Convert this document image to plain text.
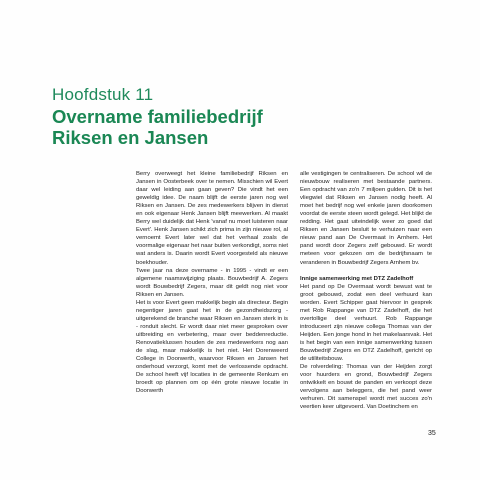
Hoofdstuk 11
Overname familiebedrijf
Riksen en Jansen

Berry overweegt het kleine familiebedrijf Riksen en Jansen in Oosterbeek over te nemen. Misschien wil Evert daar wel leiding aan gaan geven? Die vindt het een geweldig idee. De naam blijft de eerste jaren nog wel Riksen en Jansen. De zes medewerkers blijven in dienst en ook eigenaar Henk Jansen blijft meewerken. Al maakt Berry wel duidelijk dat Henk 'vanaf nu moet luisteren naar Evert'. Henk Jansen schikt zich prima in zijn nieuwe rol, al vernoemt Evert later wel dat het verhaal zoals de voormalige eigenaar het naar buiten verkondigt, soms niet wat anders is. Daarin wordt Evert voorgesteld als nieuwe boekhouder.

Twee jaar na deze overname - in 1995 - vindt er een algemene naamswijziging plaats. Bouwbedrijf A. Zegers wordt Bouwbedrijf Zegers, maar dit geldt nog niet voor Riksen en Jansen.

Het is voor Evert geen makkelijk begin als directeur. Begin negentiger jaren gaat het in de gezondheidszorg - uitgerekend de branche waar Riksen en Jansen sterk in is - ronduit slecht. Er wordt daar niet meer gesproken over uitbreiding en verbetering, maar over beddenreductie. Renovatieklussen houden de zes medewerkers nog aan de slag, maar makkelijk is het niet. Het Dorenweerd College in Doorwerth, waarvoor Riksen en Jansen het onderhoud verzorgt, komt met de verlossende opdracht. De school heeft vijf locaties in de gemeente Renkum en broedt op plannen om op één grote nieuwe locatie in Doorwerth

alle vestigingen te centraliseren. De school wil de nieuwbouw realiseren met bestaande partners. Een opdracht van zo'n 7 miljoen gulden. Dit is het vliegwiel dat Riksen en Jansen nodig heeft. Al moet het bedrijf nog wel enkele jaren doorkomen voordat de eerste steen wordt gelegd. Het blijkt de redding. Het gaat uiteindelijk weer zo goed dat Riksen en Jansen besluit te verhuizen naar een nieuw pand aan De Overmaat in Arnhem. Het pand wordt door Zegers zelf gebouwd. Er wordt meteen voor gekozen om de bedrijfsnaam te veranderen in Bouwbedrijf Zegers Arnhem bv.

Innige samenwerking met DTZ Zadelhoff

Het pand op De Overmaat wordt bewust wat te groot gebouwd, zodat een deel verhuurd kan worden. Evert Schipper gaat hiervoor in gesprek met Rob Rappange van DTZ Zadelhoff, die het overtollige deel verhuurt. Rob Rappange introduceert zijn nieuwe collega Thomas van der Heijden. Een jonge hond in het makelaarsvak. Het is het begin van een innige samenwerking tussen Bouwbedrijf Zegers en DTZ Zadelhoff, gericht op de utiliteitsbouw.

De rolverdeling: Thomas van der Heijden zorgt voor huurders en grond, Bouwbedrijf Zegers ontwikkelt en bouwt de panden en verkoopt deze vervolgens aan beleggers, die het pand weer verhuren. Dit samenspel wordt met succes zo'n veertien keer uitgevoerd. Van Doetinchem en

35
